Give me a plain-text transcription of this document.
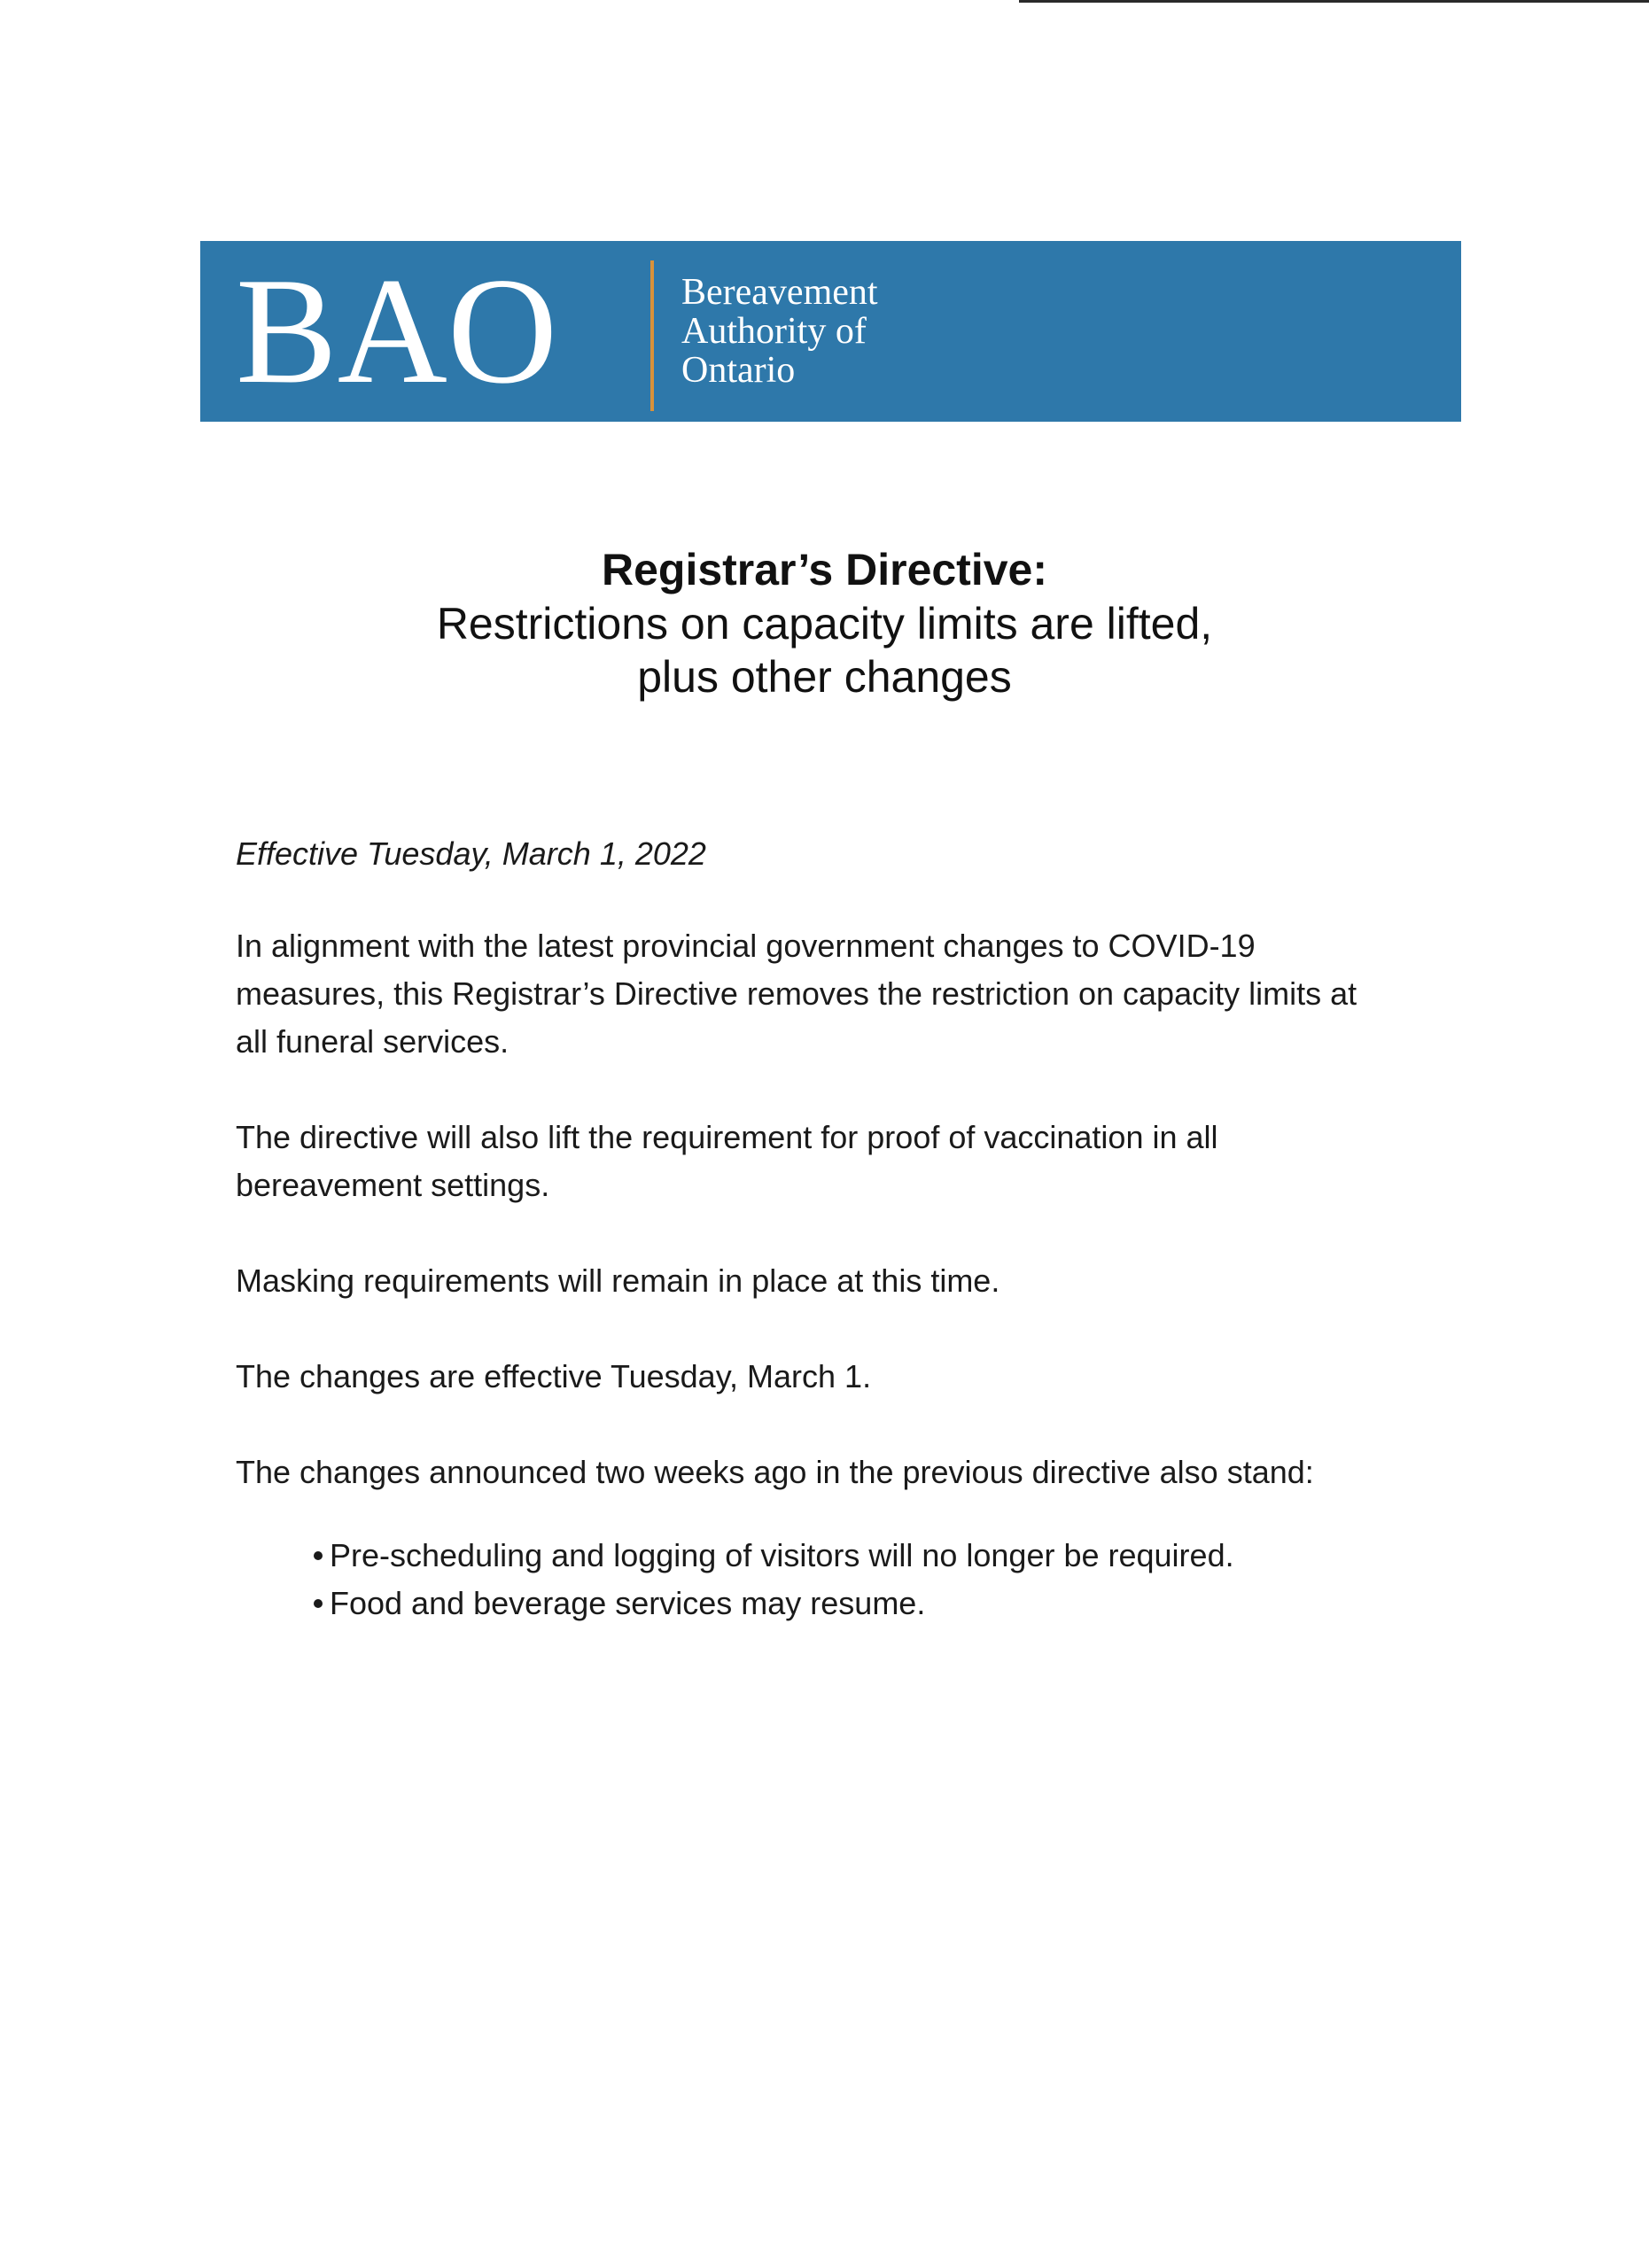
BAO	Bereavement
Authority of
Ontario
Registrar’s Directive:
Restrictions on capacity limits are lifted,
plus other changes

Effective Tuesday, March 1, 2022

In alignment with the latest provincial government changes to COVID-19
measures, this Registrar’s Directive removes the restriction on capacity limits at
all funeral services.
The directive will also lift the requirement for proof of vaccination in all
bereavement settings.
Masking requirements will remain in place at this time.
The changes are effective Tuesday, March 1.
The changes announced two weeks ago in the previous directive also stand:
Pre-scheduling and logging of visitors will no longer be required.
Food and beverage services may resume.
